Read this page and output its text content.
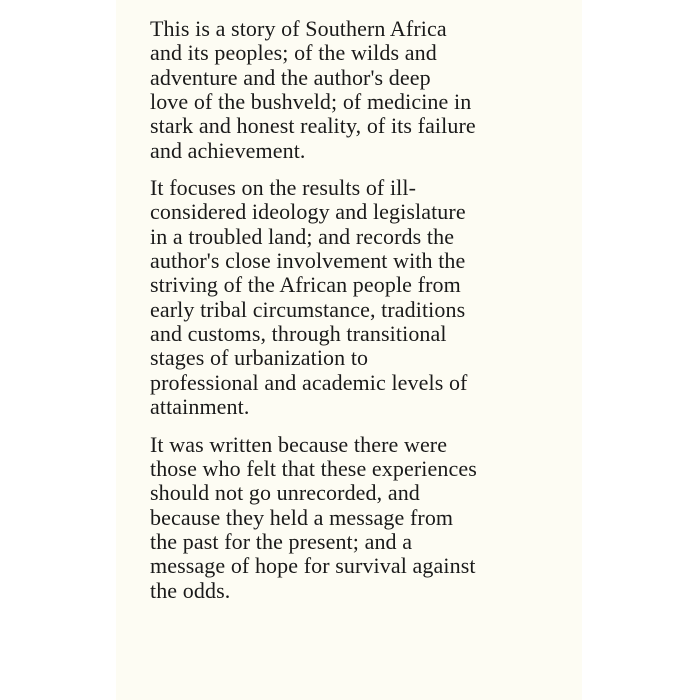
This is a story of Southern Africa
and its peoples; of the wilds and
adventure and the author's deep
love of the bushveld; of medicine in
stark and honest reality, of its failure
and achievement.

It focuses on the results of ill-
considered ideology and legislature
in a troubled land; and records the
author's close involvement with the
striving of the African people from
early tribal circumstance, traditions
and customs, through transitional
stages of urbanization to
professional and academic levels of
attainment.

It was written because there were
those who felt that these experiences
should not go unrecorded, and
because they held a message from
the past for the present; and a
message of hope for survival against
the odds.
